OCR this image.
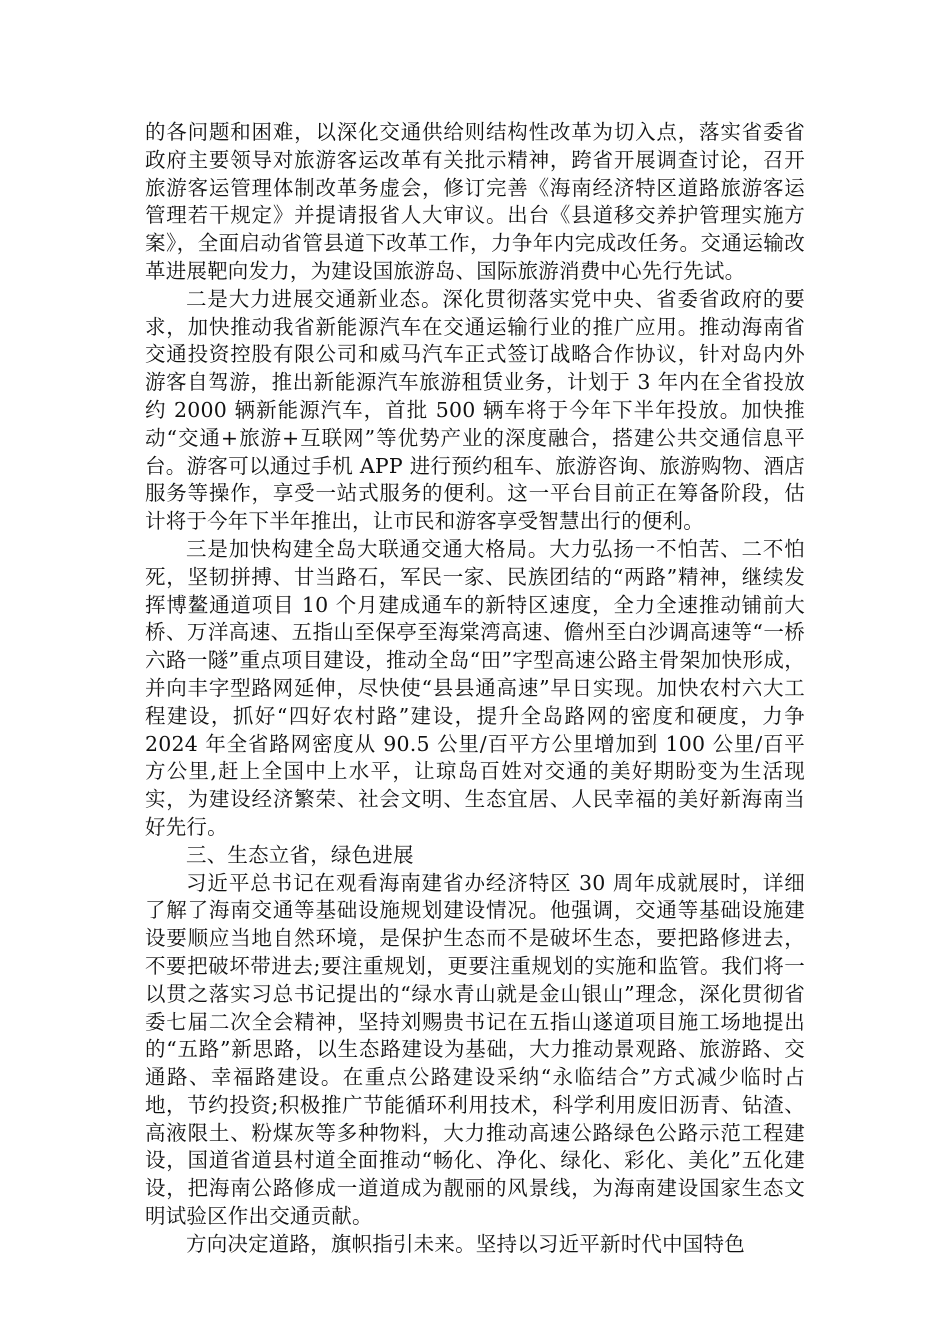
的各问题和困难，以深化交通供给则结构性改革为切入点，落实省委省政府主要领导对旅游客运改革有关批示精神，跨省开展调查讨论，召开旅游客运管理体制改革务虚会，修订完善《海南经济特区道路旅游客运管理若干规定》并提请报省人大审议。出台《县道移交养护管理实施方案》，全面启动省管县道下改革工作，力争年内完成改任务。交通运输改革进展靶向发力，为建设国旅游岛、国际旅游消费中心先行先试。

二是大力进展交通新业态。深化贯彻落实党中央、省委省政府的要求，加快推动我省新能源汽车在交通运输行业的推广应用。推动海南省交通投资控股有限公司和威马汽车正式签订战略合作协议，针对岛内外游客自驾游，推出新能源汽车旅游租赁业务，计划于 3 年内在全省投放约 2000 辆新能源汽车，首批 500 辆车将于今年下半年投放。加快推动“交通+旅游+互联网”等优势产业的深度融合，搭建公共交通信息平台。游客可以通过手机 APP 进行预约租车、旅游咨询、旅游购物、酒店服务等操作，享受一站式服务的便利。这一平台目前正在筹备阶段，估计将于今年下半年推出，让市民和游客享受智慧出行的便利。

三是加快构建全岛大联通交通大格局。大力弘扬一不怕苦、二不怕死，坚韧拼搏、甘当路石，军民一家、民族团结的“两路”精神，继续发挥博鳌通道项目 10 个月建成通车的新特区速度，全力全速推动铺前大桥、万洋高速、五指山至保亭至海棠湾高速、儋州至白沙调高速等“一桥六路一隧”重点项目建设，推动全岛“田”字型高速公路主骨架加快形成，并向丰字型路网延伸，尽快使“县县通高速”早日实现。加快农村六大工程建设，抓好“四好农村路”建设，提升全岛路网的密度和硬度，力争 2024 年全省路网密度从 90.5 公里/百平方公里增加到 100 公里/百平方公里,赶上全国中上水平，让琼岛百姓对交通的美好期盼变为生活现实，为建设经济繁荣、社会文明、生态宜居、人民幸福的美好新海南当好先行。

三、生态立省，绿色进展

习近平总书记在观看海南建省办经济特区 30 周年成就展时，详细了解了海南交通等基础设施规划建设情况。他强调，交通等基础设施建设要顺应当地自然环境，是保护生态而不是破坏生态，要把路修进去，不要把破坏带进去;要注重规划，更要注重规划的实施和监管。我们将一以贯之落实习总书记提出的“绿水青山就是金山银山”理念，深化贯彻省委七届二次全会精神，坚持刘赐贵书记在五指山遂道项目施工场地提出的“五路”新思路，以生态路建设为基础，大力推动景观路、旅游路、交通路、幸福路建设。在重点公路建设采纳“永临结合”方式减少临时占地，节约投资;积极推广节能循环利用技术，科学利用废旧沥青、钻渣、高液限土、粉煤灰等多种物料，大力推动高速公路绿色公路示范工程建设，国道省道县村道全面推动“畅化、净化、绿化、彩化、美化”五化建设，把海南公路修成一道道成为靓丽的风景线，为海南建设国家生态文明试验区作出交通贡献。

方向决定道路，旗帜指引未来。坚持以习近平新时代中国特色
